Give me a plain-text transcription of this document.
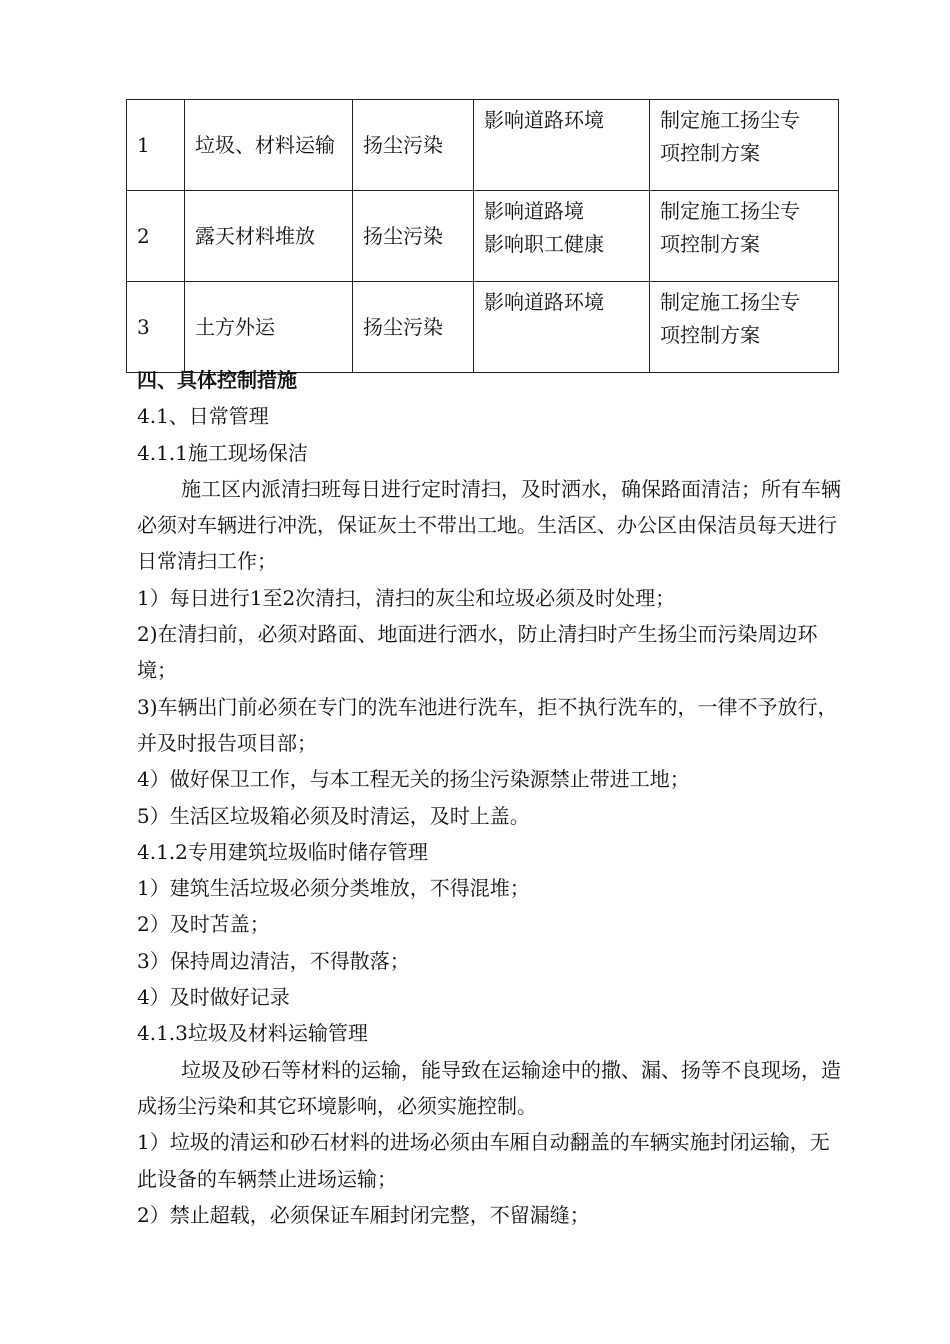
1	垃圾、材料运输	扬尘污染	影响道路环境	制定施工扬尘专
项控制方案
2	露天材料堆放	扬尘污染	影响道路境
影响职工健康	制定施工扬尘专
项控制方案
3	土方外运	扬尘污染	影响道路环境	制定施工扬尘专
项控制方案

四、具体控制措施

4.1、日常管理

4.1.1施工现场保洁

施工区内派清扫班每日进行定时清扫，及时洒水，确保路面清洁；所有车辆必须对车辆进行冲洗，保证灰土不带出工地。生活区、办公区由保洁员每天进行日常清扫工作；

1）每日进行1至2次清扫，清扫的灰尘和垃圾必须及时处理；

2)在清扫前，必须对路面、地面进行洒水，防止清扫时产生扬尘而污染周边环境；

3)车辆出门前必须在专门的洗车池进行洗车，拒不执行洗车的，一律不予放行，并及时报告项目部；

4）做好保卫工作，与本工程无关的扬尘污染源禁止带进工地；

5）生活区垃圾箱必须及时清运，及时上盖。

4.1.2专用建筑垃圾临时储存管理

1）建筑生活垃圾必须分类堆放，不得混堆；

2）及时苫盖；

3）保持周边清洁，不得散落；

4）及时做好记录

4.1.3垃圾及材料运输管理

垃圾及砂石等材料的运输，能导致在运输途中的撒、漏、扬等不良现场，造成扬尘污染和其它环境影响，必须实施控制。

1）垃圾的清运和砂石材料的进场必须由车厢自动翻盖的车辆实施封闭运输，无此设备的车辆禁止进场运输；

2）禁止超载，必须保证车厢封闭完整，不留漏缝；
